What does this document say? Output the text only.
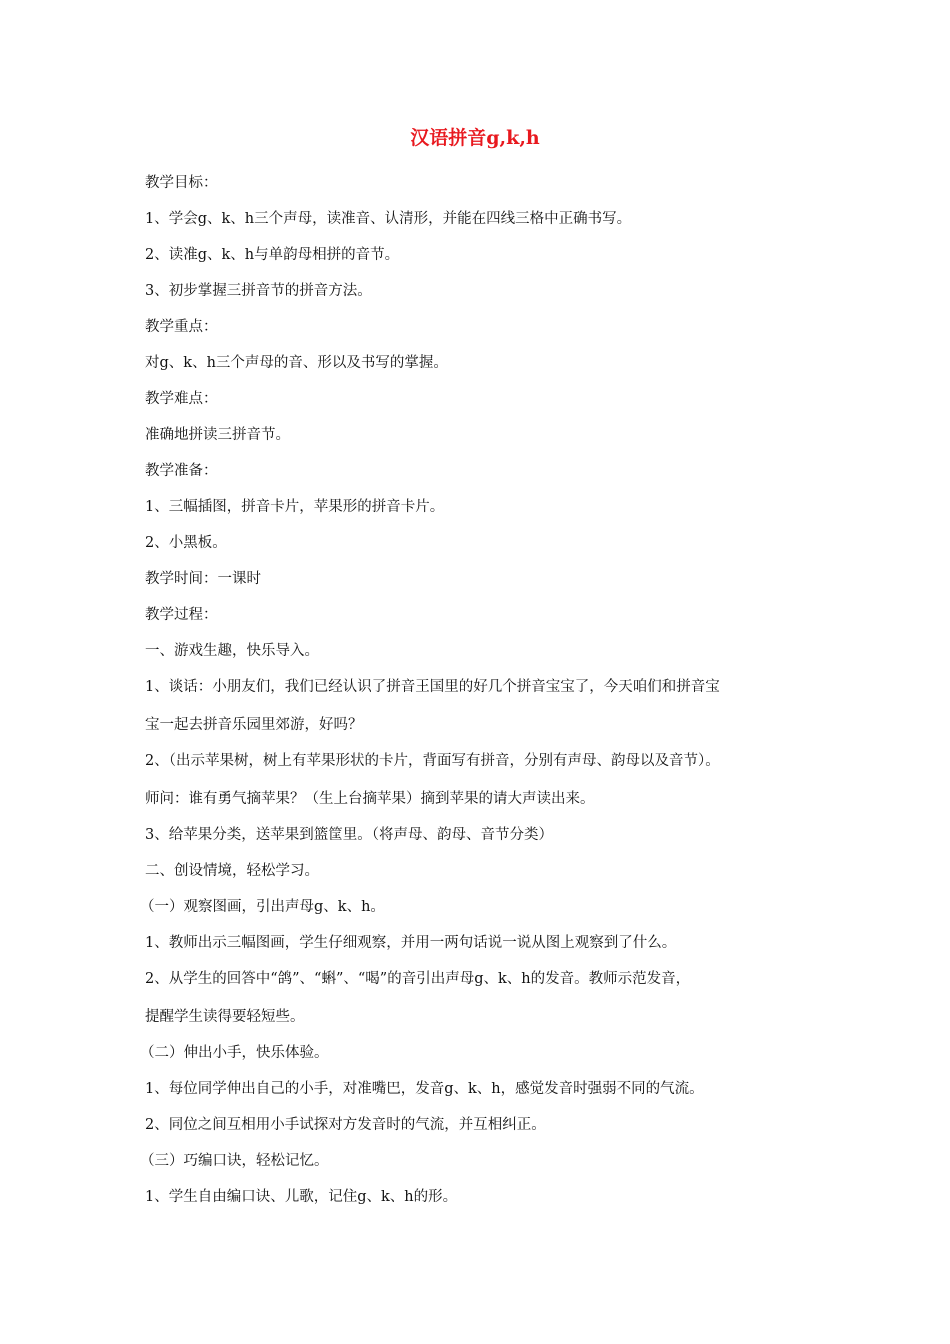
汉语拼音g,k,h
教学目标：
1、学会g、k、h三个声母，读准音、认清形，并能在四线三格中正确书写。
2、读准g、k、h与单韵母相拼的音节。
3、初步掌握三拼音节的拼音方法。
教学重点：
对g、k、h三个声母的音、形以及书写的掌握。
教学难点：
准确地拼读三拼音节。
教学准备：
1、三幅插图，拼音卡片，苹果形的拼音卡片。
2、小黑板。
教学时间：一课时
教学过程：
一、游戏生趣，快乐导入。
1、谈话：小朋友们，我们已经认识了拼音王国里的好几个拼音宝宝了，今天咱们和拼音宝
宝一起去拼音乐园里郊游，好吗？
2、（出示苹果树，树上有苹果形状的卡片，背面写有拼音，分别有声母、韵母以及音节）。
师问：谁有勇气摘苹果？（生上台摘苹果）摘到苹果的请大声读出来。
3、给苹果分类，送苹果到篮筐里。（将声母、韵母、音节分类）
二、创设情境，轻松学习。
（一）观察图画，引出声母g、k、h。
1、教师出示三幅图画，学生仔细观察，并用一两句话说一说从图上观察到了什么。
2、从学生的回答中“鸽”、“蝌”、“喝”的音引出声母g、k、h的发音。教师示范发音，
提醒学生读得要轻短些。
（二）伸出小手，快乐体验。
1、每位同学伸出自己的小手，对准嘴巴，发音g、k、h，感觉发音时强弱不同的气流。
2、同位之间互相用小手试探对方发音时的气流，并互相纠正。
（三）巧编口诀，轻松记忆。
1、学生自由编口诀、儿歌，记住g、k、h的形。
